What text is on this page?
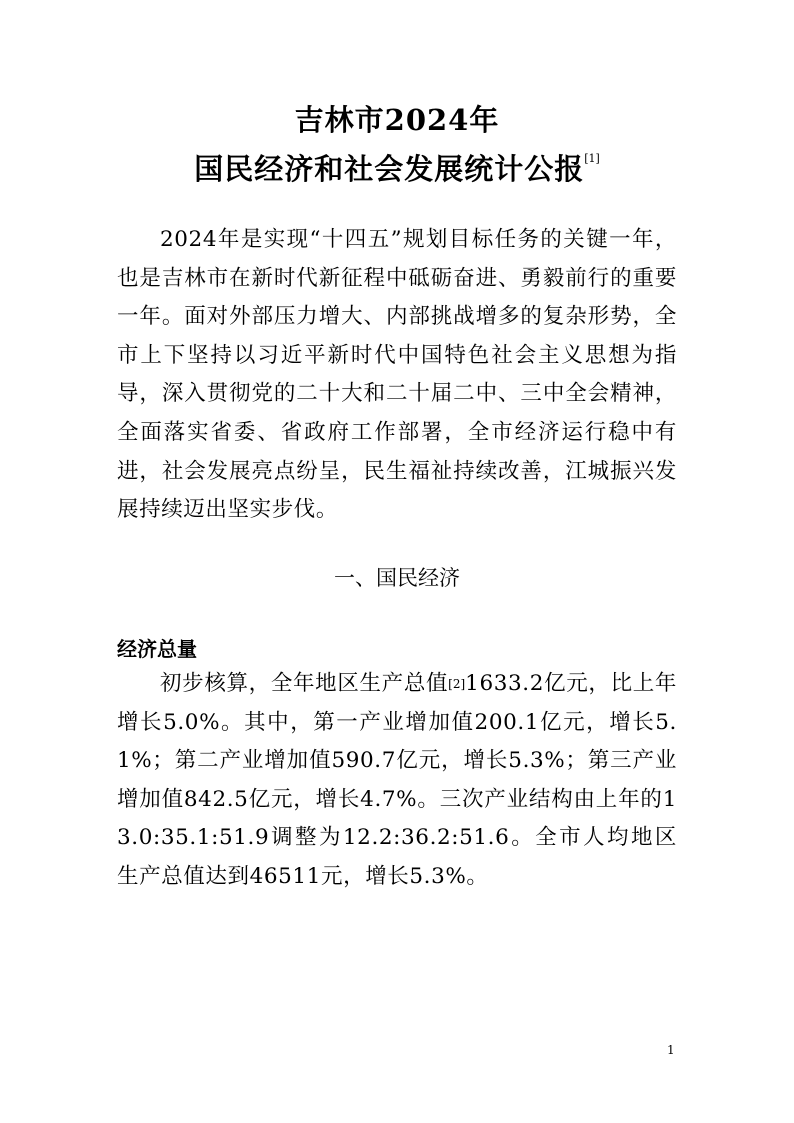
吉林市2024年
国民经济和社会发展统计公报[1]

2024年是实现“十四五”规划目标任务的关键一年，也是吉林市在新时代新征程中砥砺奋进、勇毅前行的重要一年。面对外部压力增大、内部挑战增多的复杂形势，全市上下坚持以习近平新时代中国特色社会主义思想为指导，深入贯彻党的二十大和二十届二中、三中全会精神，全面落实省委、省政府工作部署，全市经济运行稳中有进，社会发展亮点纷呈，民生福祉持续改善，江城振兴发展持续迈出坚实步伐。

一、国民经济
经济总量

初步核算，全年地区生产总值[2]1633.2亿元，比上年增长5.0%。其中，第一产业增加值200.1亿元，增长5.1%；第二产业增加值590.7亿元，增长5.3%；第三产业增加值842.5亿元，增长4.7%。三次产业结构由上年的13.0:35.1:51.9调整为12.2:36.2:51.6。全市人均地区生产总值达到46511元，增长5.3%。

1
